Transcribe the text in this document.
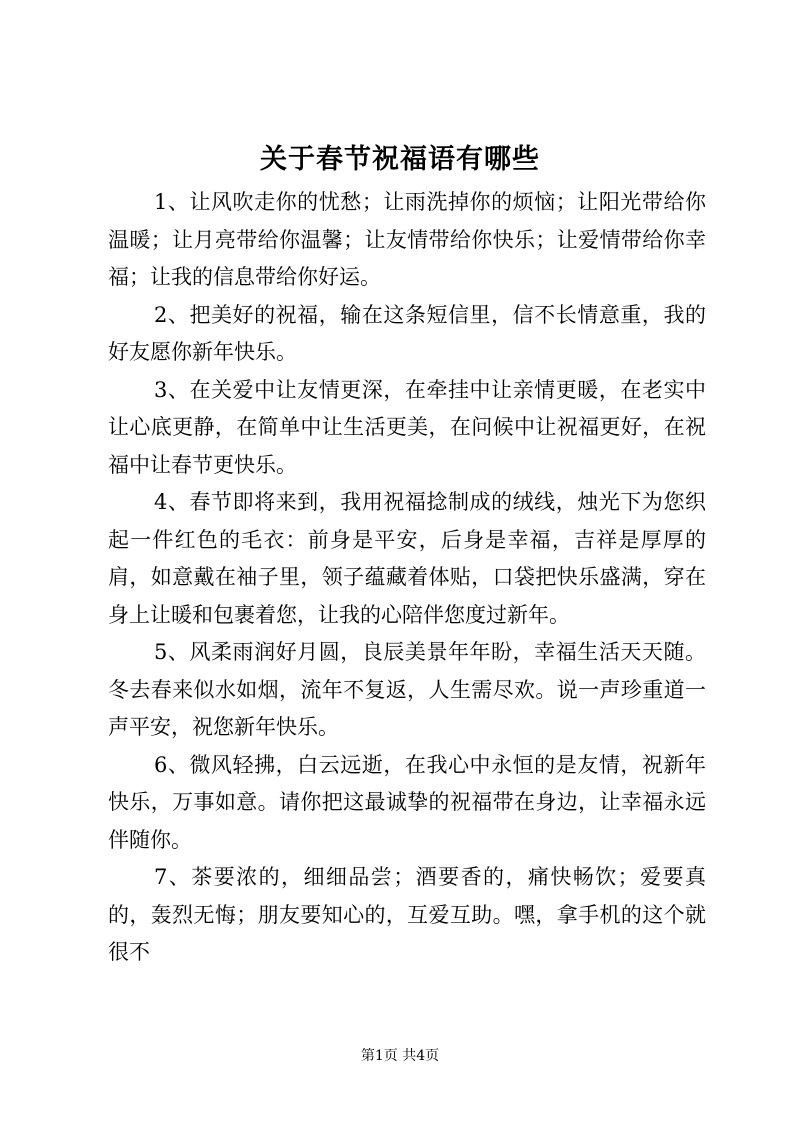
关于春节祝福语有哪些

1、让风吹走你的忧愁；让雨洗掉你的烦恼；让阳光带给你温暖；让月亮带给你温馨；让友情带给你快乐；让爱情带给你幸福；让我的信息带给你好运。

2、把美好的祝福，输在这条短信里，信不长情意重，我的好友愿你新年快乐。

3、在关爱中让友情更深，在牵挂中让亲情更暖，在老实中让心底更静，在简单中让生活更美，在问候中让祝福更好，在祝福中让春节更快乐。

4、春节即将来到，我用祝福捻制成的绒线，烛光下为您织起一件红色的毛衣：前身是平安，后身是幸福，吉祥是厚厚的肩，如意戴在袖子里，领子蕴藏着体贴，口袋把快乐盛满，穿在身上让暖和包裹着您，让我的心陪伴您度过新年。

5、风柔雨润好月圆，良辰美景年年盼，幸福生活天天随。冬去春来似水如烟，流年不复返，人生需尽欢。说一声珍重道一声平安，祝您新年快乐。

6、微风轻拂，白云远逝，在我心中永恒的是友情，祝新年快乐，万事如意。请你把这最诚挚的祝福带在身边，让幸福永远伴随你。

7、茶要浓的，细细品尝；酒要香的，痛快畅饮；爱要真的，轰烈无悔；朋友要知心的，互爱互助。嘿，拿手机的这个就很不

第1页 共4页
